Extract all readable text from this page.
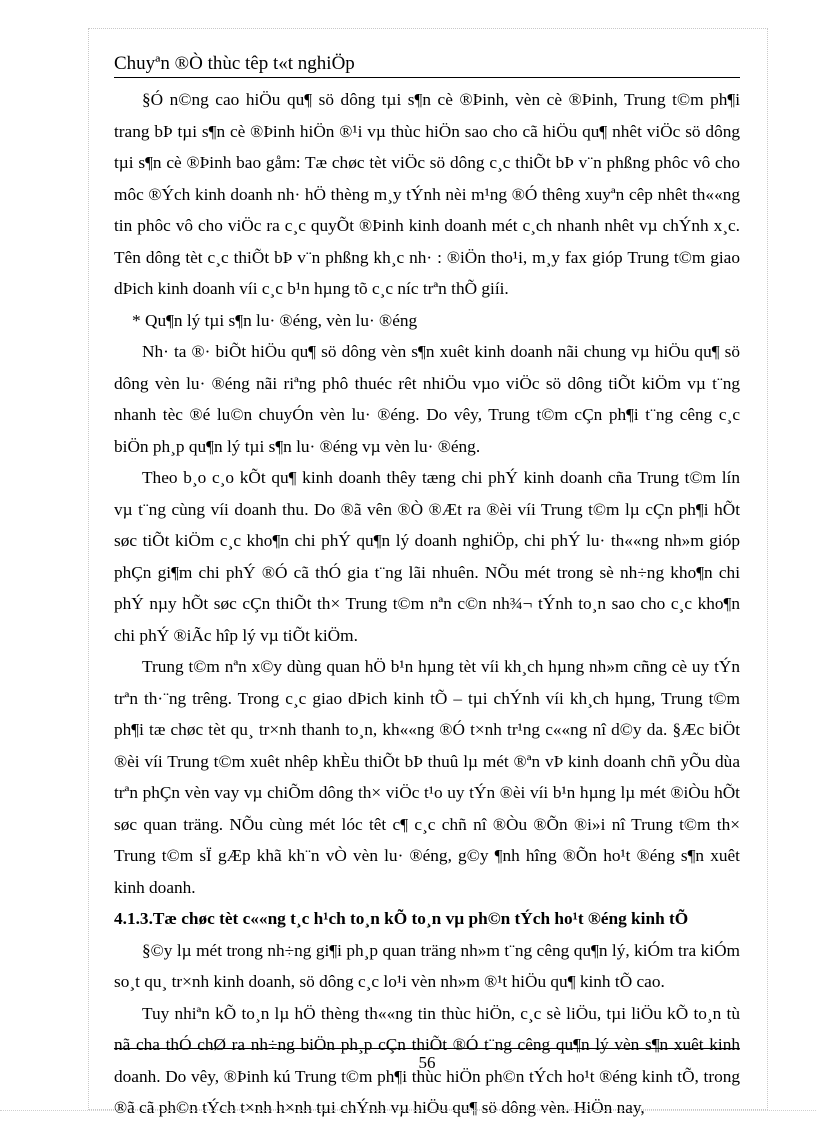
Chuyªn ®Ò thùc têp t«t nghiÖp

§Ó n©ng cao hiÖu qu¶ sö dông tµi s¶n cè ®Þinh, vèn cè ®Þinh, Trung t©m ph¶i trang bÞ tµi s¶n cè ®Þinh hiÖn ®¹i vµ thùc hiÖn sao cho cã hiÖu qu¶ nhêt viÖc sö dông tµi s¶n cè ®Þinh bao gåm: Tæ chøc tèt viÖc sö dông c¸c thiÕt bÞ v¨n phßng phôc vô cho môc ®Ých kinh doanh nh· hÖ thèng m¸y tÝnh nèi m¹ng ®Ó thêng xuyªn cêp nhêt th««ng tin phôc vô cho viÖc ra c¸c quyÕt ®Þinh kinh doanh mét c¸ch nhanh nhêt vµ chÝnh x¸c. Tên dông tèt c¸c thiÕt bÞ v¨n phßng kh¸c nh· : ®iÖn tho¹i, m¸y fax gióp Trung t©m giao dÞich kinh doanh víi c¸c b¹n hµng tõ c¸c níc trªn thÕ giíi.

* Qu¶n lý tµi s¶n lu· ®éng, vèn lu· ®éng

Nh· ta ®· biÕt hiÖu qu¶ sö dông vèn s¶n xuêt kinh doanh nãi chung vµ hiÖu qu¶ sö dông vèn lu· ®éng nãi riªng phô thuéc rêt nhiÖu vµo viÖc sö dông tiÕt kiÖm vµ t¨ng nhanh tèc ®é lu©n chuyÓn vèn lu· ®éng. Do vêy, Trung t©m cÇn ph¶i t¨ng cêng c¸c biÖn ph¸p qu¶n lý tµi s¶n lu· ®éng vµ vèn lu· ®éng.

Theo b¸o c¸o kÕt qu¶ kinh doanh thêy tæng chi phÝ kinh doanh cña Trung t©m lín vµ t¨ng cùng víi doanh thu. Do ®ã vên ®Ò ®Æt ra ®èi víi Trung t©m lµ cÇn ph¶i hÕt søc tiÕt kiÖm c¸c kho¶n chi phÝ qu¶n lý doanh nghiÖp, chi phÝ lu· th««ng nh»m gióp phÇn gi¶m chi phÝ ®Ó cã thÓ gia t¨ng lãi nhuên. NÕu mét trong sè nh÷ng kho¶n chi phÝ nµy hÕt søc cÇn thiÕt th× Trung t©m nªn c©n nh¾¬ tÝnh to¸n sao cho c¸c kho¶n chi phÝ ®iÃc hîp lý vµ tiÕt kiÖm.

Trung t©m nªn x©y dùng quan hÖ b¹n hµng tèt víi kh¸ch hµng nh»m cñng cè uy tÝn trªn th·¨ng trêng. Trong c¸c giao dÞich kinh tÕ – tµi chÝnh víi kh¸ch hµng, Trung t©m ph¶i tæ chøc tèt qu¸ tr×nh thanh to¸n, kh««ng ®Ó t×nh tr¹ng c««ng nî d©y da. §Æc biÖt ®èi víi Trung t©m xuêt nhêp khÈu thiÕt bÞ thuû lµ mét ®ªn vÞ kinh doanh chñ yÕu dùa trªn phÇn vèn vay vµ chiÕm dông th× viÖc t¹o uy tÝn ®èi víi b¹n hµng lµ mét ®iÒu hÕt søc quan träng. NÕu cùng mét lóc têt c¶ c¸c chñ nî ®Òu ®Õn ®i»i nî Trung t©m th× Trung t©m sÏ gÆp khã kh¨n vÒ vèn lu· ®éng, g©y ¶nh hîng ®Õn ho¹t ®éng s¶n xuêt kinh doanh.

4.1.3.Tæ chøc tèt c««ng t¸c h¹ch to¸n kÕ to¸n vµ ph©n tÝch ho¹t ®éng kinh tÕ

§©y lµ mét trong nh÷ng gi¶i ph¸p quan träng nh»m t¨ng cêng qu¶n lý, kiÓm tra kiÓm so¸t qu¸ tr×nh kinh doanh, sö dông c¸c lo¹i vèn nh»m ®¹t hiÖu qu¶ kinh tÕ cao.

Tuy nhiªn kÕ to¸n lµ hÖ thèng th««ng tin thùc hiÖn, c¸c sè liÖu, tµi liÖu kÕ to¸n tù nã cha thÓ chØ ra nh÷ng biÖn ph¸p cÇn thiÕt ®Ó t¨ng cêng qu¶n lý vèn s¶n xuêt kinh doanh. Do vêy, ®Þinh kú Trung t©m ph¶i thùc hiÖn ph©n tÝch ho¹t ®éng kinh tÕ, trong ®ã cã ph©n tÝch t×nh h×nh tµi chÝnh vµ hiÖu qu¶ sö dông vèn. HiÖn nay,

56
